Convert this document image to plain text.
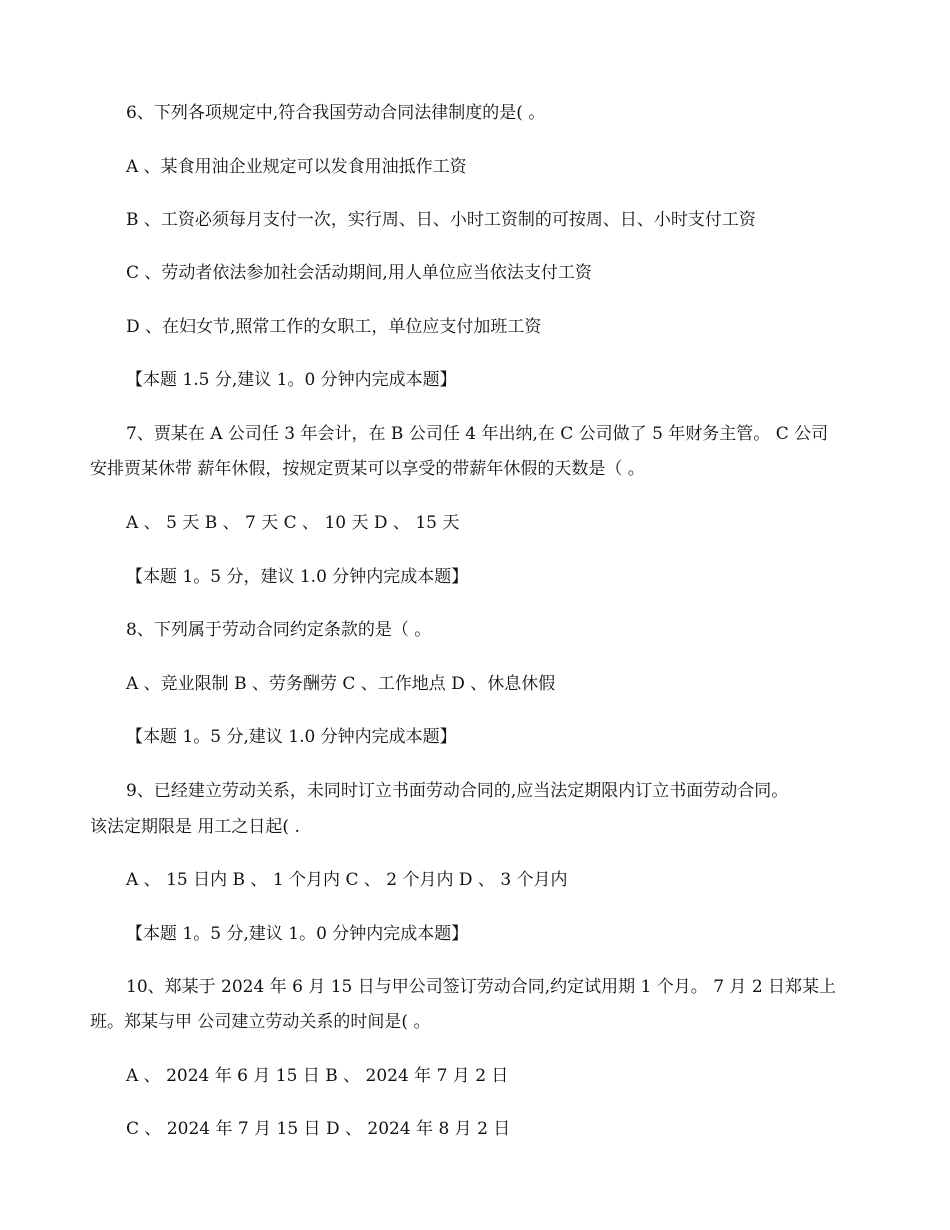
6、下列各项规定中,符合我国劳动合同法律制度的是( 。
A 、某食用油企业规定可以发食用油抵作工资
B 、工资必须每月支付一次，实行周、日、小时工资制的可按周、日、小时支付工资
C 、劳动者依法参加社会活动期间,用人单位应当依法支付工资
D 、在妇女节,照常工作的女职工，单位应支付加班工资
【本题 1.5 分,建议 1。0 分钟内完成本题】
7、贾某在 A 公司任 3 年会计，在 B 公司任 4 年出纳,在 C 公司做了 5 年财务主管。 C 公司
安排贾某休带 薪年休假，按规定贾某可以享受的带薪年休假的天数是（ 。
A 、 5 天 B 、 7 天 C 、 10 天 D 、 15 天
【本题 1。5 分，建议 1.0 分钟内完成本题】
8、下列属于劳动合同约定条款的是（ 。
A 、竞业限制 B 、劳务酬劳 C 、工作地点 D 、休息休假
【本题 1。5 分,建议 1.0 分钟内完成本题】
9、已经建立劳动关系，未同时订立书面劳动合同的,应当法定期限内订立书面劳动合同。
该法定期限是 用工之日起( .
A 、 15 日内 B 、 1 个月内 C 、 2 个月内 D 、 3 个月内
【本题 1。5 分,建议 1。0 分钟内完成本题】
10、郑某于 2024 年 6 月 15 日与甲公司签订劳动合同,约定试用期 1 个月。 7 月 2 日郑某上
班。郑某与甲 公司建立劳动关系的时间是( 。
A 、 2024 年 6 月 15 日 B 、 2024 年 7 月 2 日
C 、 2024 年 7 月 15 日 D 、 2024 年 8 月 2 日
